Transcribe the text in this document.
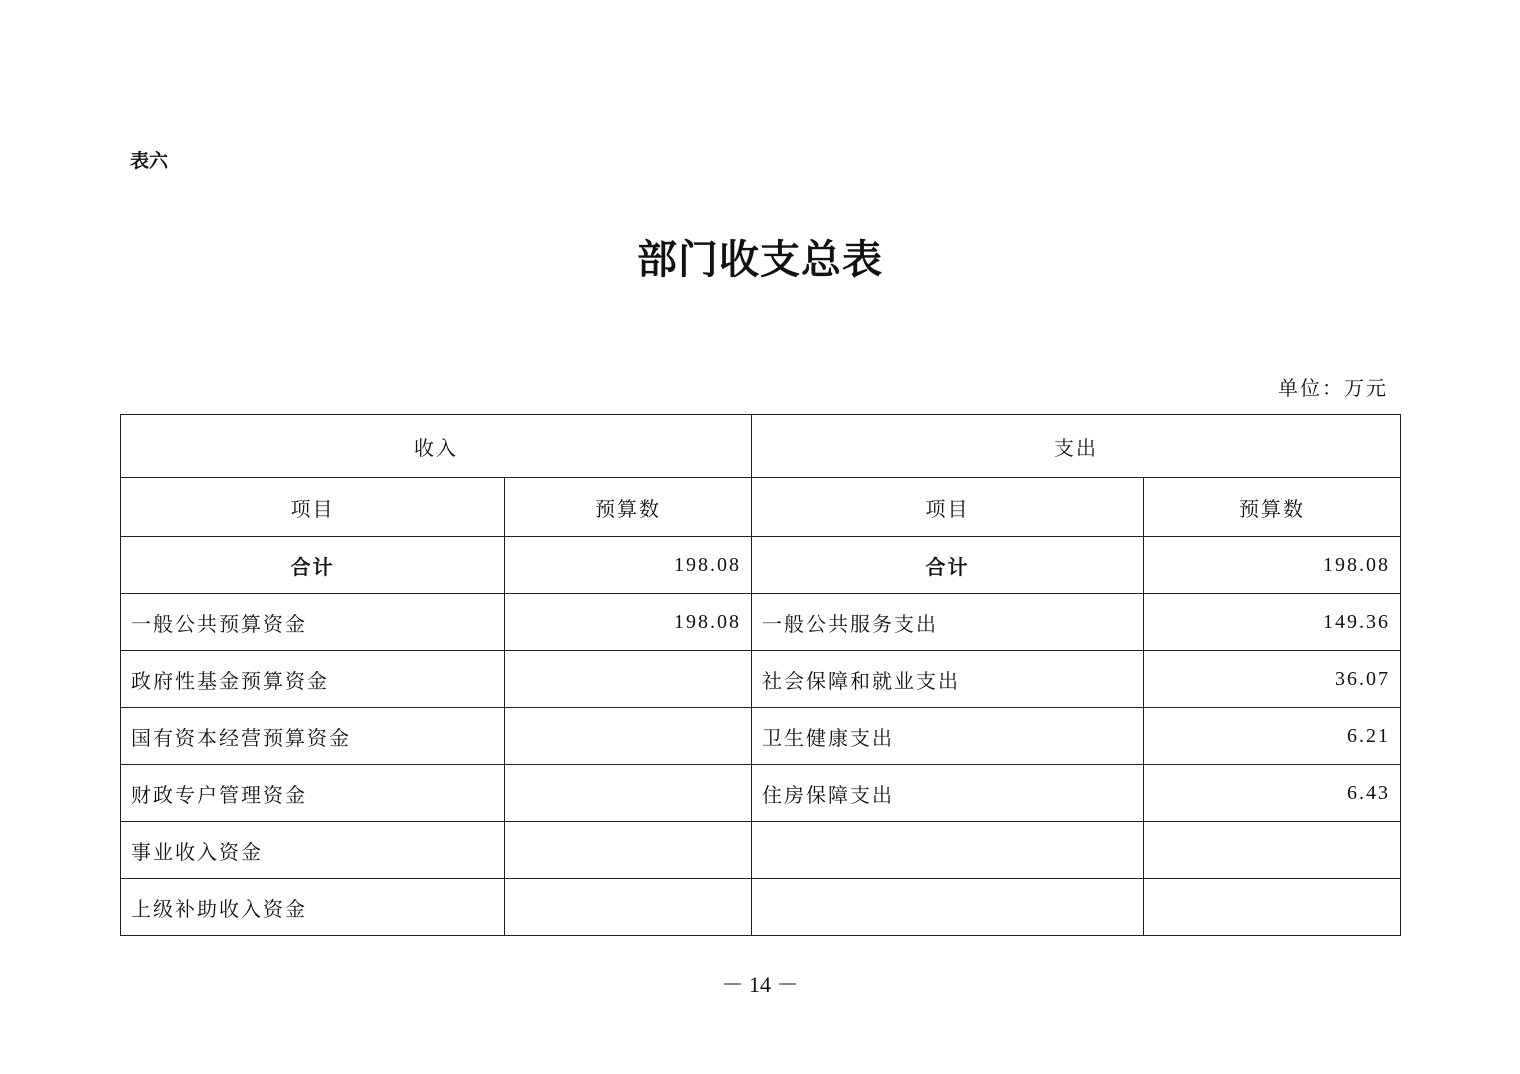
表六
部门收支总表
单位：万元
收入		支出	
项目	预算数	项目	预算数
合计	198.08	合计	198.08
一般公共预算资金	198.08	一般公共服务支出	149.36
政府性基金预算资金		社会保障和就业支出	36.07
国有资本经营预算资金		卫生健康支出	6.21
财政专户管理资金		住房保障支出	6.43
事业收入资金			
上级补助收入资金			
－ 14 －
